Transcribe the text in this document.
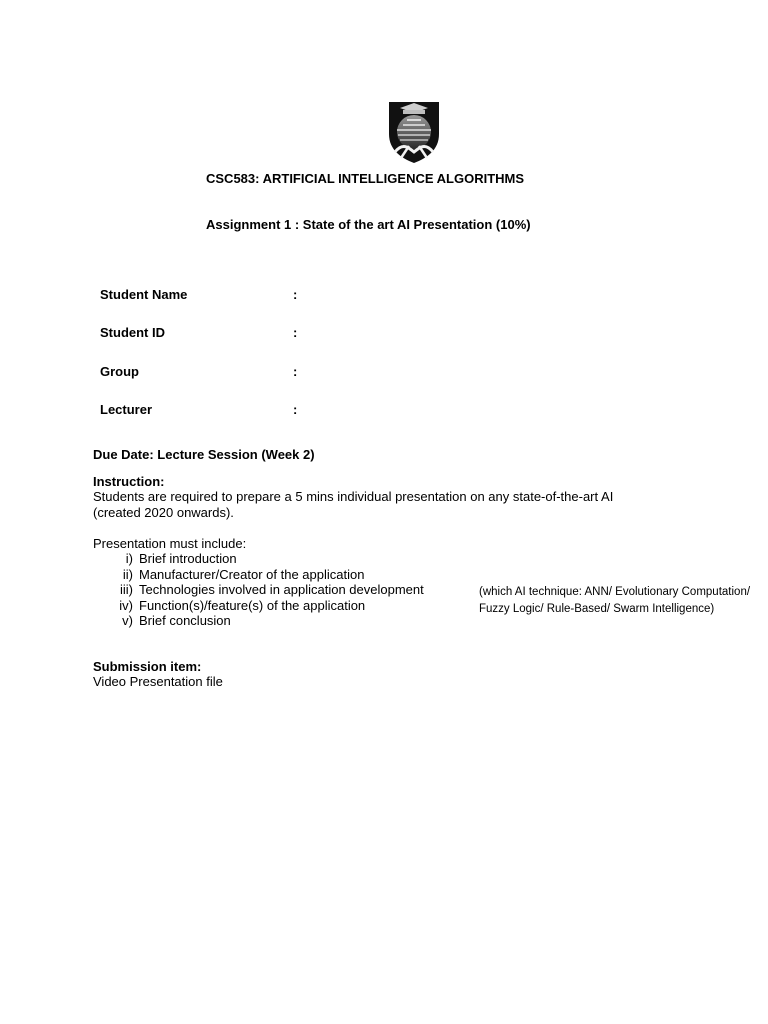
CSC583: ARTIFICIAL INTELLIGENCE ALGORITHMS

Assignment 1 : State of the art AI Presentation (10%)

Student Name	:

Student ID	:

Group	:

Lecturer	:

Due Date: Lecture Session (Week 2)

Instruction:

Students are required to prepare a 5 mins individual presentation on any state-of-the-art AI (created 2020 onwards).

Presentation must include:

i) Brief introduction
ii) Manufacturer/Creator of the application
iii) Technologies involved in application development
iv) Function(s)/feature(s) of the application
v) Brief conclusion

(which AI technique: ANN/ Evolutionary Computation/ Fuzzy Logic/ Rule-Based/ Swarm Intelligence)

Submission item:

Video Presentation file
